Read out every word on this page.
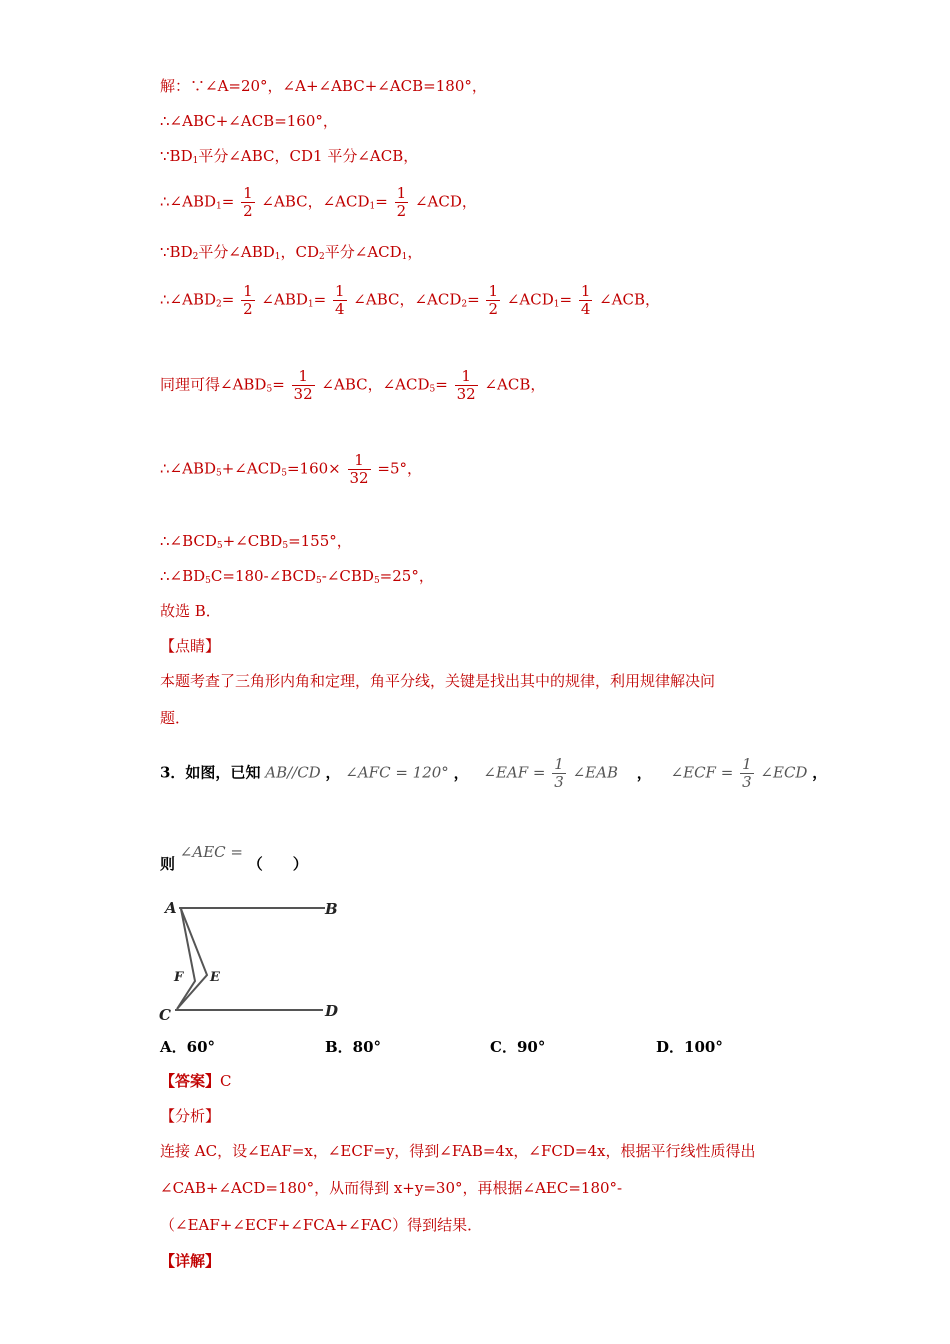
解：∵∠A=20°，∠A+∠ABC+∠ACB=180°，
∴∠ABC+∠ACB=160°，
$\because BD_1$平分∠ABC，CD1 平分∠ACB，
$\therefore\angle ABD_1= \frac{1}{2}$ ∠ABC，$\angle ACD_1= \frac{1}{2}$ ∠ACD，
$\because BD_2$平分$\angle ABD_1$，$CD_2$平分$\angle ACD_1$，
$\therefore\angle ABD_2= \frac{1}{2}$ $\angle ABD_1= \frac{1}{4}$ ∠ABC，$\angle ACD_2= \frac{1}{2}$ $\angle ACD_1= \frac{1}{4}$ ∠ACB，
同理可得$\angle ABD_5= \frac{1}{32}$ ∠ABC，$\angle ACD_5= \frac{1}{32}$ ∠ACB，
$\therefore\angle ABD_5+\angle ACD_5=160\times \frac{1}{32} =5^\circ$，
$\therefore\angle BCD_5+\angle CBD_5=155^\circ$，
$\therefore\angle BD_5C=180-\angle BCD_5-\angle CBD_5=25^\circ$，
故选 B．
【点睛】
本题考查了三角形内角和定理，角平分线，关键是找出其中的规律，利用规律解决问
题．
3．如图，已知 AB//CD ， ∠AFC = 120° ， ∠EAF = $\frac{1}{3}$ ∠EAB ， ∠ECF = $\frac{1}{3}$ ∠ECD ，
则 ∠AEC = （　　）
A	B
C	D
E
F
A．60°	B．80°	C．90°	D．100°
【答案】C
【分析】
连接 AC，设∠EAF=x，∠ECF=y，得到∠FAB=4x，∠FCD=4x，根据平行线性质得出
∠CAB+∠ACD=180°，从而得到 x+y=30°，再根据∠AEC=180°-
（∠EAF+∠ECF+∠FCA+∠FAC）得到结果．
【详解】
